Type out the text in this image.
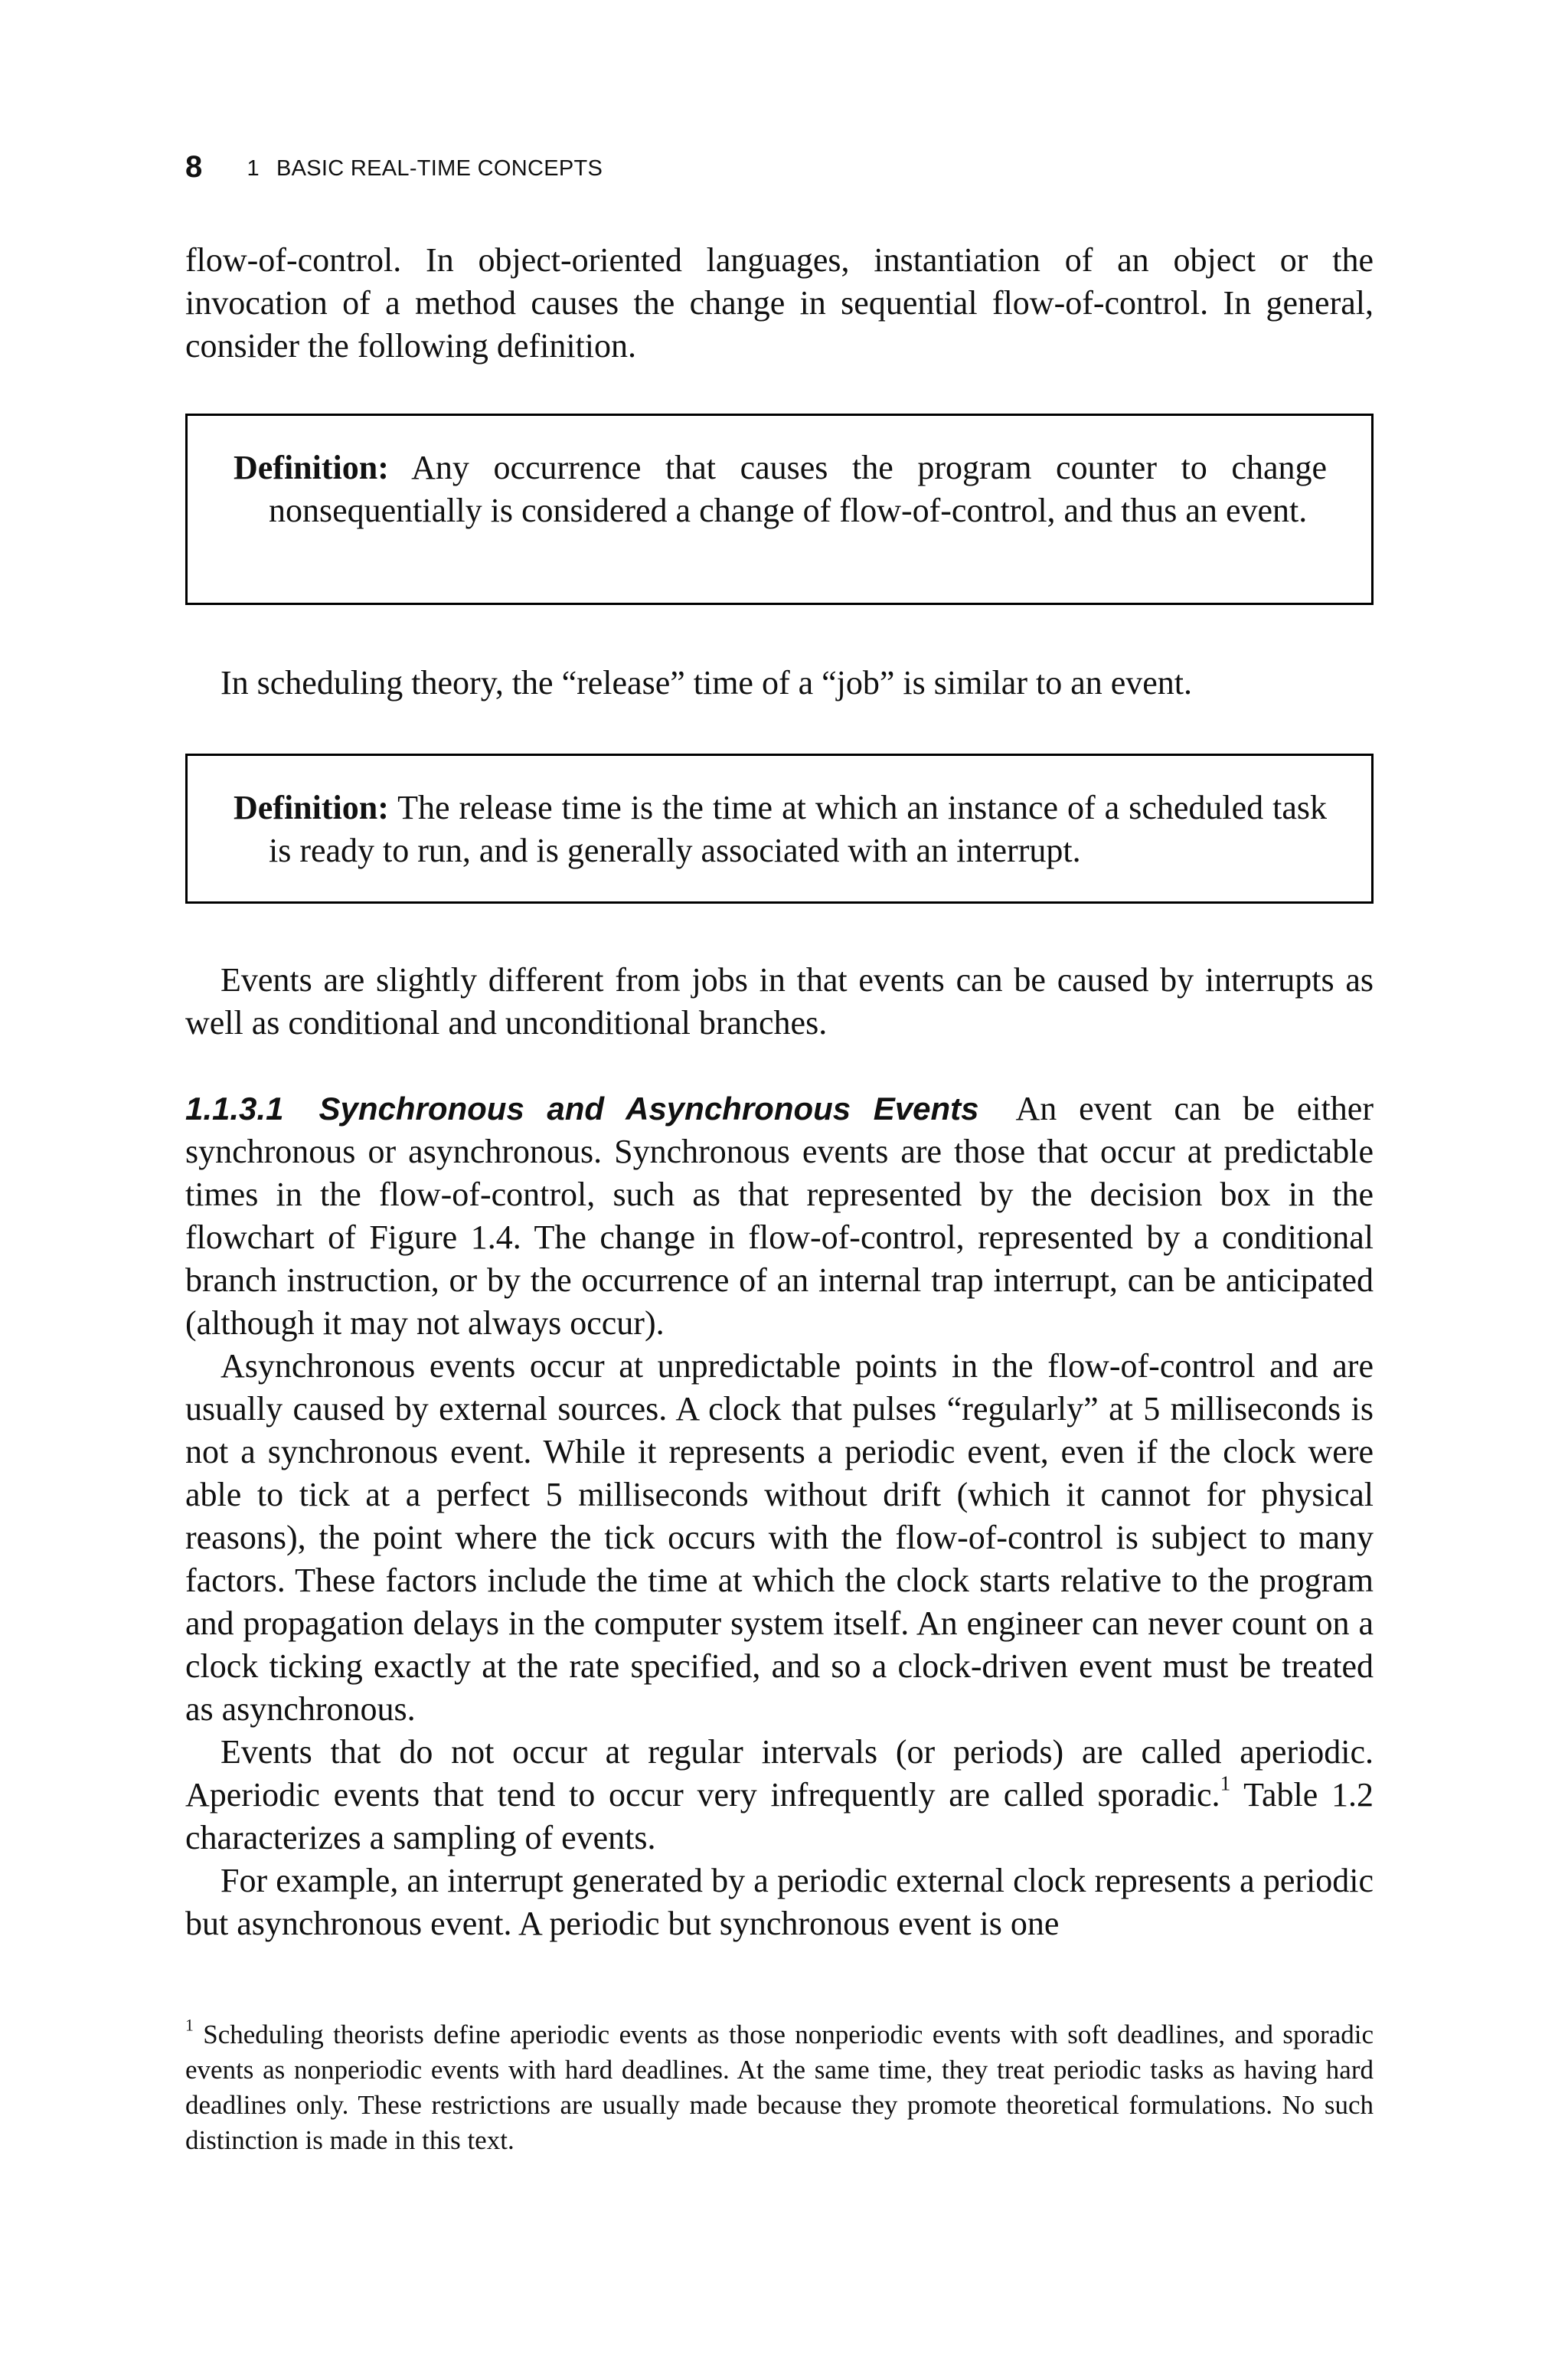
8 1 BASIC REAL-TIME CONCEPTS

flow-of-control. In object-oriented languages, instantiation of an object or the invocation of a method causes the change in sequential flow-of-control. In general, consider the following definition.

Definition: Any occurrence that causes the program counter to change nonsequentially is considered a change of flow-of-control, and thus an event.

In scheduling theory, the “release” time of a “job” is similar to an event.

Definition: The release time is the time at which an instance of a scheduled task is ready to run, and is generally associated with an interrupt.

Events are slightly different from jobs in that events can be caused by interrupts as well as conditional and unconditional branches.

1.1.3.1 Synchronous and Asynchronous Events An event can be either synchronous or asynchronous. Synchronous events are those that occur at predictable times in the flow-of-control, such as that represented by the decision box in the flowchart of Figure 1.4. The change in flow-of-control, represented by a conditional branch instruction, or by the occurrence of an internal trap interrupt, can be anticipated (although it may not always occur).

Asynchronous events occur at unpredictable points in the flow-of-control and are usually caused by external sources. A clock that pulses “regularly” at 5 milliseconds is not a synchronous event. While it represents a periodic event, even if the clock were able to tick at a perfect 5 milliseconds without drift (which it cannot for physical reasons), the point where the tick occurs with the flow-of-control is subject to many factors. These factors include the time at which the clock starts relative to the program and propagation delays in the computer system itself. An engineer can never count on a clock ticking exactly at the rate specified, and so a clock-driven event must be treated as asynchronous.

Events that do not occur at regular intervals (or periods) are called aperiodic. Aperiodic events that tend to occur very infrequently are called sporadic.$^1$ Table 1.2 characterizes a sampling of events.

For example, an interrupt generated by a periodic external clock represents a periodic but asynchronous event. A periodic but synchronous event is one

$^1$ Scheduling theorists define aperiodic events as those nonperiodic events with soft deadlines, and sporadic events as nonperiodic events with hard deadlines. At the same time, they treat periodic tasks as having hard deadlines only. These restrictions are usually made because they promote theoretical formulations. No such distinction is made in this text.
